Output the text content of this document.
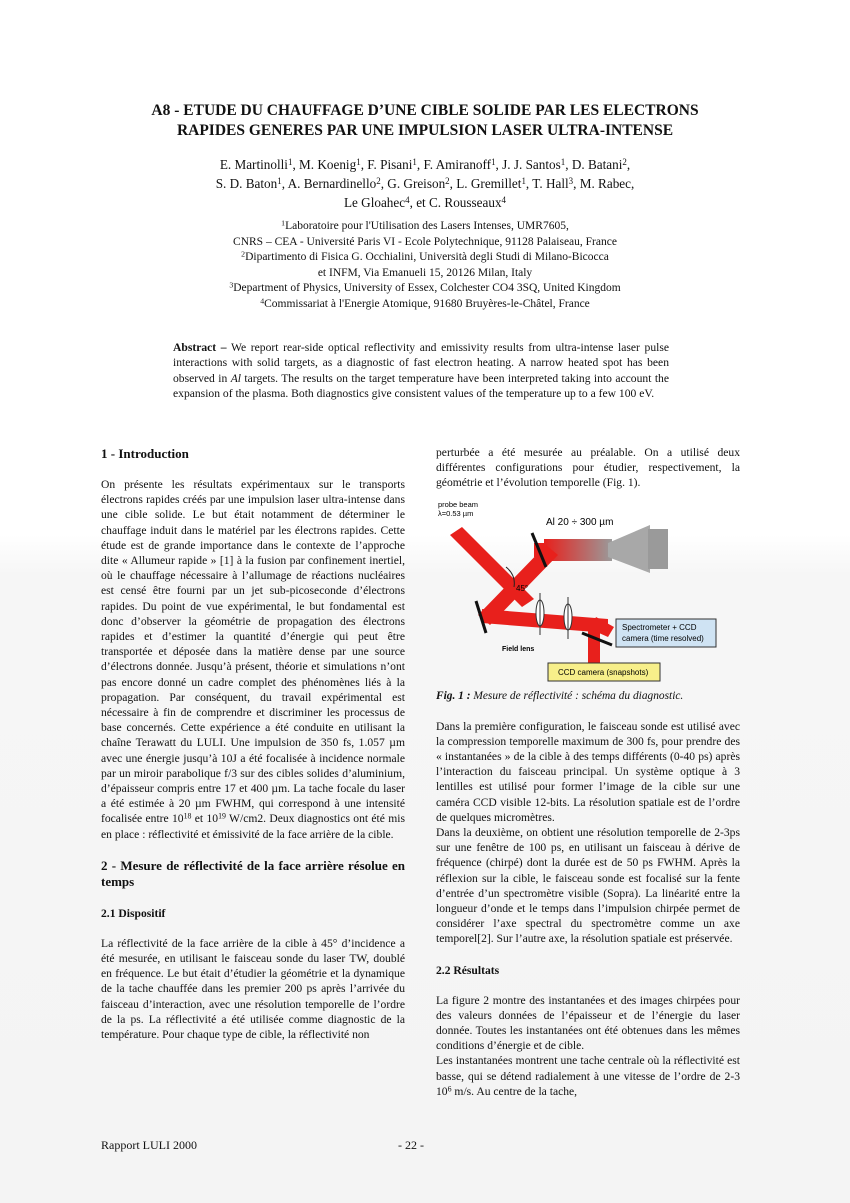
A8 - ETUDE DU CHAUFFAGE D’UNE CIBLE SOLIDE PAR LES ELECTRONS
RAPIDES GENERES PAR UNE IMPULSION LASER ULTRA-INTENSE
E. Martinolli$^1$, M. Koenig$^1$, F. Pisani$^1$, F. Amiranoff$^1$, J. J. Santos$^1$, D. Batani$^2$,
S. D. Baton$^1$, A. Bernardinello$^2$, G. Greison$^2$, L. Gremillet$^1$, T. Hall$^3$, M. Rabec,
Le Gloahec$^4$, et C. Rousseaux$^4$
$^1$Laboratoire pour l'Utilisation des Lasers Intenses, UMR7605,
CNRS – CEA - Université Paris VI - Ecole Polytechnique, 91128 Palaiseau, France
$^2$Dipartimento di Fisica G. Occhialini, Università degli Studi di Milano-Bicocca
et INFM, Via Emanueli 15, 20126 Milan, Italy
$^3$Department of Physics, University of Essex, Colchester CO4 3SQ, United Kingdom
$^4$Commissariat à l'Energie Atomique, 91680 Bruyères-le-Châtel, France
Abstract – We report rear-side optical reflectivity and emissivity results from ultra-intense laser pulse interactions with solid targets, as a diagnostic of fast electron heating. A narrow heated spot has been observed in Al targets. The results on the target temperature have been interpreted taking into account the expansion of the plasma. Both diagnostics give consistent values of the temperature up to a few 100 eV.
1 - Introduction

On présente les résultats expérimentaux sur le transports électrons rapides créés par une impulsion laser ultra-intense dans une cible solide. Le but était notamment de déterminer le chauffage induit dans le matériel par les électrons rapides. Cette étude est de grande importance dans le contexte de l’approche dite « Allumeur rapide » [1] à la fusion par confinement inertiel, où le chauffage nécessaire à l’allumage de réactions nucléaires est censé être fourni par un jet sub-picoseconde d’électrons rapides. Du point de vue expérimental, le but fondamental est donc d’observer la géométrie de propagation des électrons rapides et d’estimer la quantité d’énergie qui peut être transportée et déposée dans la matière dense par une source d’électrons donnée. Jusqu’à présent, théorie et simulations n’ont pas encore donné un cadre complet des phénomènes liés à la propagation. Par conséquent, du travail expérimental est nécessaire à fin de comprendre et discriminer les processus de base concernés. Cette expérience a été conduite en utilisant la chaîne Terawatt du LULI. Une impulsion de 350 fs, 1.057 µm avec une énergie jusqu’à 10J a été focalisée à incidence normale par un miroir parabolique f/3 sur des cibles solides d’aluminium, d’épaisseur compris entre 17 et 400 µm. La tache focale du laser a été estimée à 20 µm FWHM, qui correspond à une intensité focalisée entre $10^{18}$ et $10^{19}$ W/cm2. Deux diagnostics ont été mis en place : réflectivité et émissivité de la face arrière de la cible.

2 - Mesure de réflectivité de la face arrière résolue en temps
2.1 Dispositif

La réflectivité de la face arrière de la cible à 45° d’incidence a été mesurée, en utilisant le faisceau sonde du laser TW, doublé en fréquence. Le but était d’étudier la géométrie et la dynamique de la tache chauffée dans les premier 200 ps après l’arrivée du faisceau d’interaction, avec une résolution temporelle de l’ordre de la ps. La réflectivité a été utilisée comme diagnostic de la température. Pour chaque type de cible, la réflectivité non

perturbée a été mesurée au préalable. On a utilisé deux différentes configurations pour étudier, respectivement, la géométrie et l’évolution temporelle (Fig. 1).

probe beam
λ=0.53 µm
Al 20 ÷ 300 µm
45°
Field lens
Spectrometer + CCD
camera (time resolved)
CCD camera (snapshots)

Fig. 1 : Mesure de réflectivité : schéma du diagnostic.

Dans la première configuration, le faisceau sonde est utilisé avec la compression temporelle maximum de 300 fs, pour prendre des « instantanées » de la cible à des temps différents (0-40 ps) après l’interaction du faisceau principal. Un système optique à 3 lentilles est utilisé pour former l’image de la cible sur une caméra CCD visible 12-bits. La résolution spatiale est de l’ordre de quelques micromètres.

Dans la deuxième, on obtient une résolution temporelle de 2-3ps sur une fenêtre de 100 ps, en utilisant un faisceau à dérive de fréquence (chirpé) dont la durée est de 50 ps FWHM. Après la réflexion sur la cible, le faisceau sonde est focalisé sur la fente d’entrée d’un spectromètre visible (Sopra). La linéarité entre la longueur d’onde et le temps dans l’impulsion chirpée permet de considérer l’axe spectral du spectromètre comme un axe temporel[2]. Sur l’autre axe, la résolution spatiale est préservée.

2.2 Résultats

La figure 2 montre des instantanées et des images chirpées pour des valeurs données de l’épaisseur et de l’énergie du laser donnée. Toutes les instantanées ont été obtenues dans les mêmes conditions d’énergie et de cible.

Les instantanées montrent une tache centrale où la réflectivité est basse, qui se détend radialement à une vitesse de l’ordre de 2-3 $10^6$ m/s. Au centre de la tache,

Rapport LULI 2000	- 22 -
